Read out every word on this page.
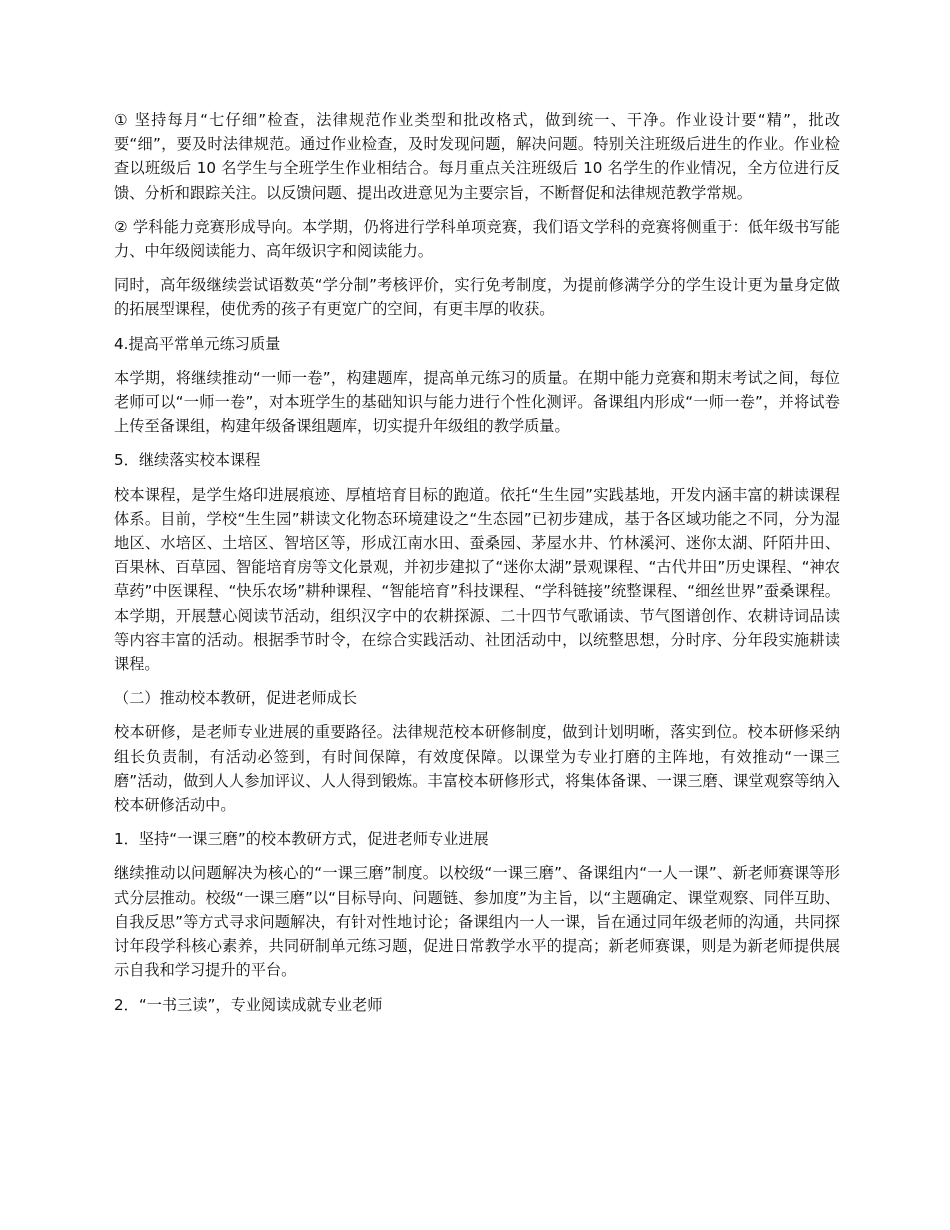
① 坚持每月“七仔细”检查，法律规范作业类型和批改格式，做到统一、干净。作业设计要“精”，批改要“细”，要及时法律规范。通过作业检查，及时发现问题，解决问题。特别关注班级后进生的作业。作业检查以班级后 10 名学生与全班学生作业相结合。每月重点关注班级后 10 名学生的作业情况，全方位进行反馈、分析和跟踪关注。以反馈问题、提出改进意见为主要宗旨，不断督促和法律规范教学常规。

② 学科能力竞赛形成导向。本学期，仍将进行学科单项竞赛，我们语文学科的竞赛将侧重于：低年级书写能力、中年级阅读能力、高年级识字和阅读能力。

同时，高年级继续尝试语数英“学分制”考核评价，实行免考制度，为提前修满学分的学生设计更为量身定做的拓展型课程，使优秀的孩子有更宽广的空间，有更丰厚的收获。

4.提高平常单元练习质量

本学期，将继续推动“一师一卷”，构建题库，提高单元练习的质量。在期中能力竞赛和期末考试之间，每位老师可以“一师一卷”，对本班学生的基础知识与能力进行个性化测评。备课组内形成“一师一卷”，并将试卷上传至备课组，构建年级备课组题库，切实提升年级组的教学质量。

5．继续落实校本课程

校本课程，是学生烙印进展痕迹、厚植培育目标的跑道。依托“生生园”实践基地，开发内涵丰富的耕读课程体系。目前，学校“生生园”耕读文化物态环境建设之“生态园”已初步建成，基于各区域功能之不同，分为湿地区、水培区、土培区、智培区等，形成江南水田、蚕桑园、茅屋水井、竹林溪河、迷你太湖、阡陌井田、百果林、百草园、智能培育房等文化景观，并初步建拟了“迷你太湖”景观课程、“古代井田”历史课程、“神农草药”中医课程、“快乐农场”耕种课程、“智能培育”科技课程、“学科链接”统整课程、“细丝世界”蚕桑课程。本学期，开展慧心阅读节活动，组织汉字中的农耕探源、二十四节气歌诵读、节气图谱创作、农耕诗词品读等内容丰富的活动。根据季节时令，在综合实践活动、社团活动中，以统整思想，分时序、分年段实施耕读课程。

（二）推动校本教研，促进老师成长

校本研修，是老师专业进展的重要路径。法律规范校本研修制度，做到计划明晰，落实到位。校本研修采纳组长负责制，有活动必签到，有时间保障，有效度保障。以课堂为专业打磨的主阵地，有效推动“一课三磨”活动，做到人人参加评议、人人得到锻炼。丰富校本研修形式，将集体备课、一课三磨、课堂观察等纳入校本研修活动中。

1．坚持“一课三磨”的校本教研方式，促进老师专业进展

继续推动以问题解决为核心的“一课三磨”制度。以校级“一课三磨”、备课组内“一人一课”、新老师赛课等形式分层推动。校级“一课三磨”以“目标导向、问题链、参加度”为主旨，以“主题确定、课堂观察、同伴互助、自我反思”等方式寻求问题解决，有针对性地讨论；备课组内一人一课，旨在通过同年级老师的沟通，共同探讨年段学科核心素养，共同研制单元练习题，促进日常教学水平的提高；新老师赛课，则是为新老师提供展示自我和学习提升的平台。

2．“一书三读”，专业阅读成就专业老师
